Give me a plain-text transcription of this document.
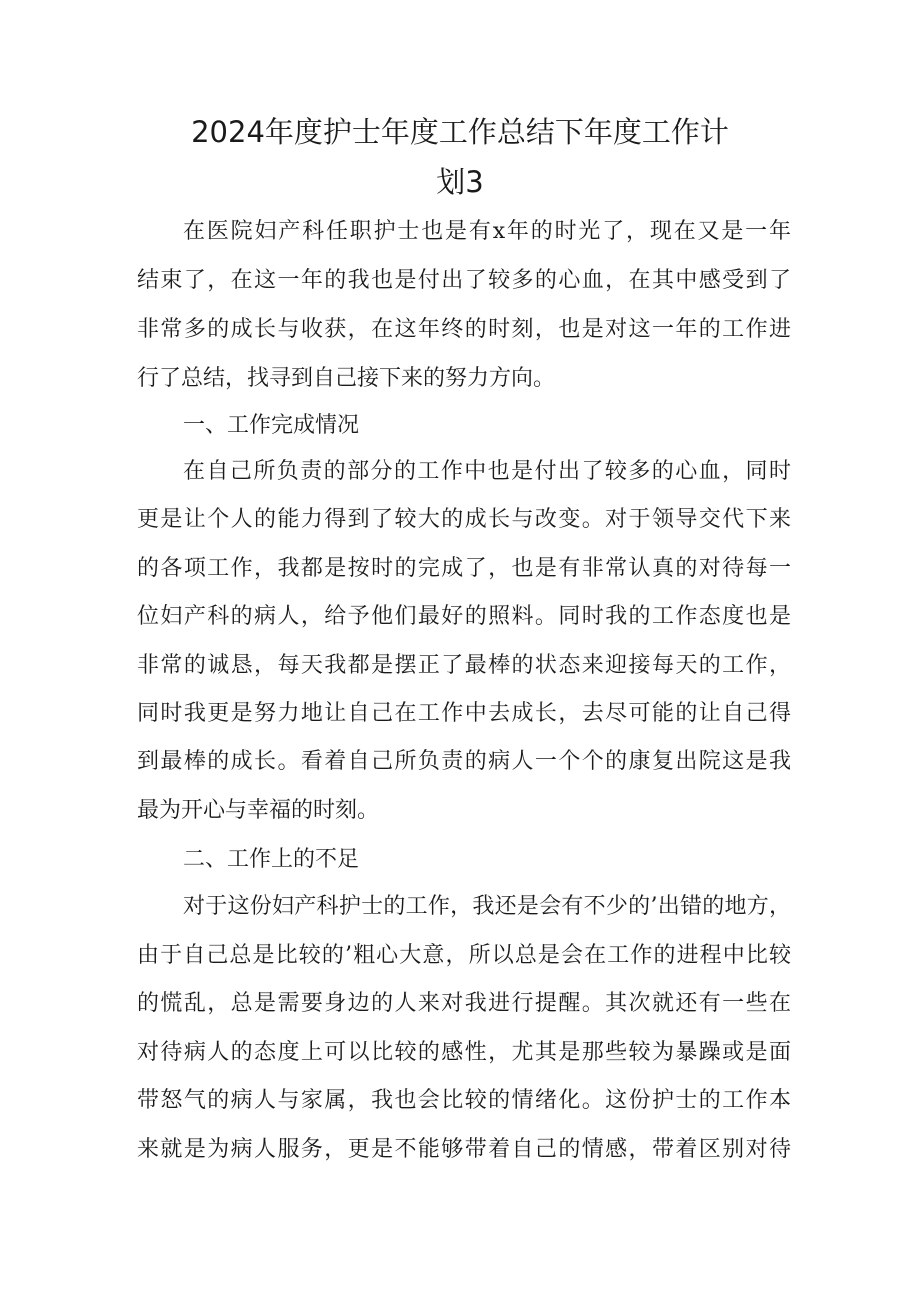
2024年度护士年度工作总结下年度工作计
划3
在医院妇产科任职护士也是有x年的时光了，现在又是一年
结束了，在这一年的我也是付出了较多的心血，在其中感受到了
非常多的成长与收获，在这年终的时刻，也是对这一年的工作进
行了总结，找寻到自己接下来的努力方向。
一、工作完成情况
在自己所负责的部分的工作中也是付出了较多的心血，同时
更是让个人的能力得到了较大的成长与改变。对于领导交代下来
的各项工作，我都是按时的完成了，也是有非常认真的对待每一
位妇产科的病人，给予他们最好的照料。同时我的工作态度也是
非常的诚恳，每天我都是摆正了最棒的状态来迎接每天的工作，
同时我更是努力地让自己在工作中去成长，去尽可能的让自己得
到最棒的成长。看着自己所负责的病人一个个的康复出院这是我
最为开心与幸福的时刻。
二、工作上的不足
对于这份妇产科护士的工作，我还是会有不少的’出错的地方，
由于自己总是比较的’粗心大意，所以总是会在工作的进程中比较
的慌乱，总是需要身边的人来对我进行提醒。其次就还有一些在
对待病人的态度上可以比较的感性，尤其是那些较为暴躁或是面
带怒气的病人与家属，我也会比较的情绪化。这份护士的工作本
来就是为病人服务，更是不能够带着自己的情感，带着区别对待
